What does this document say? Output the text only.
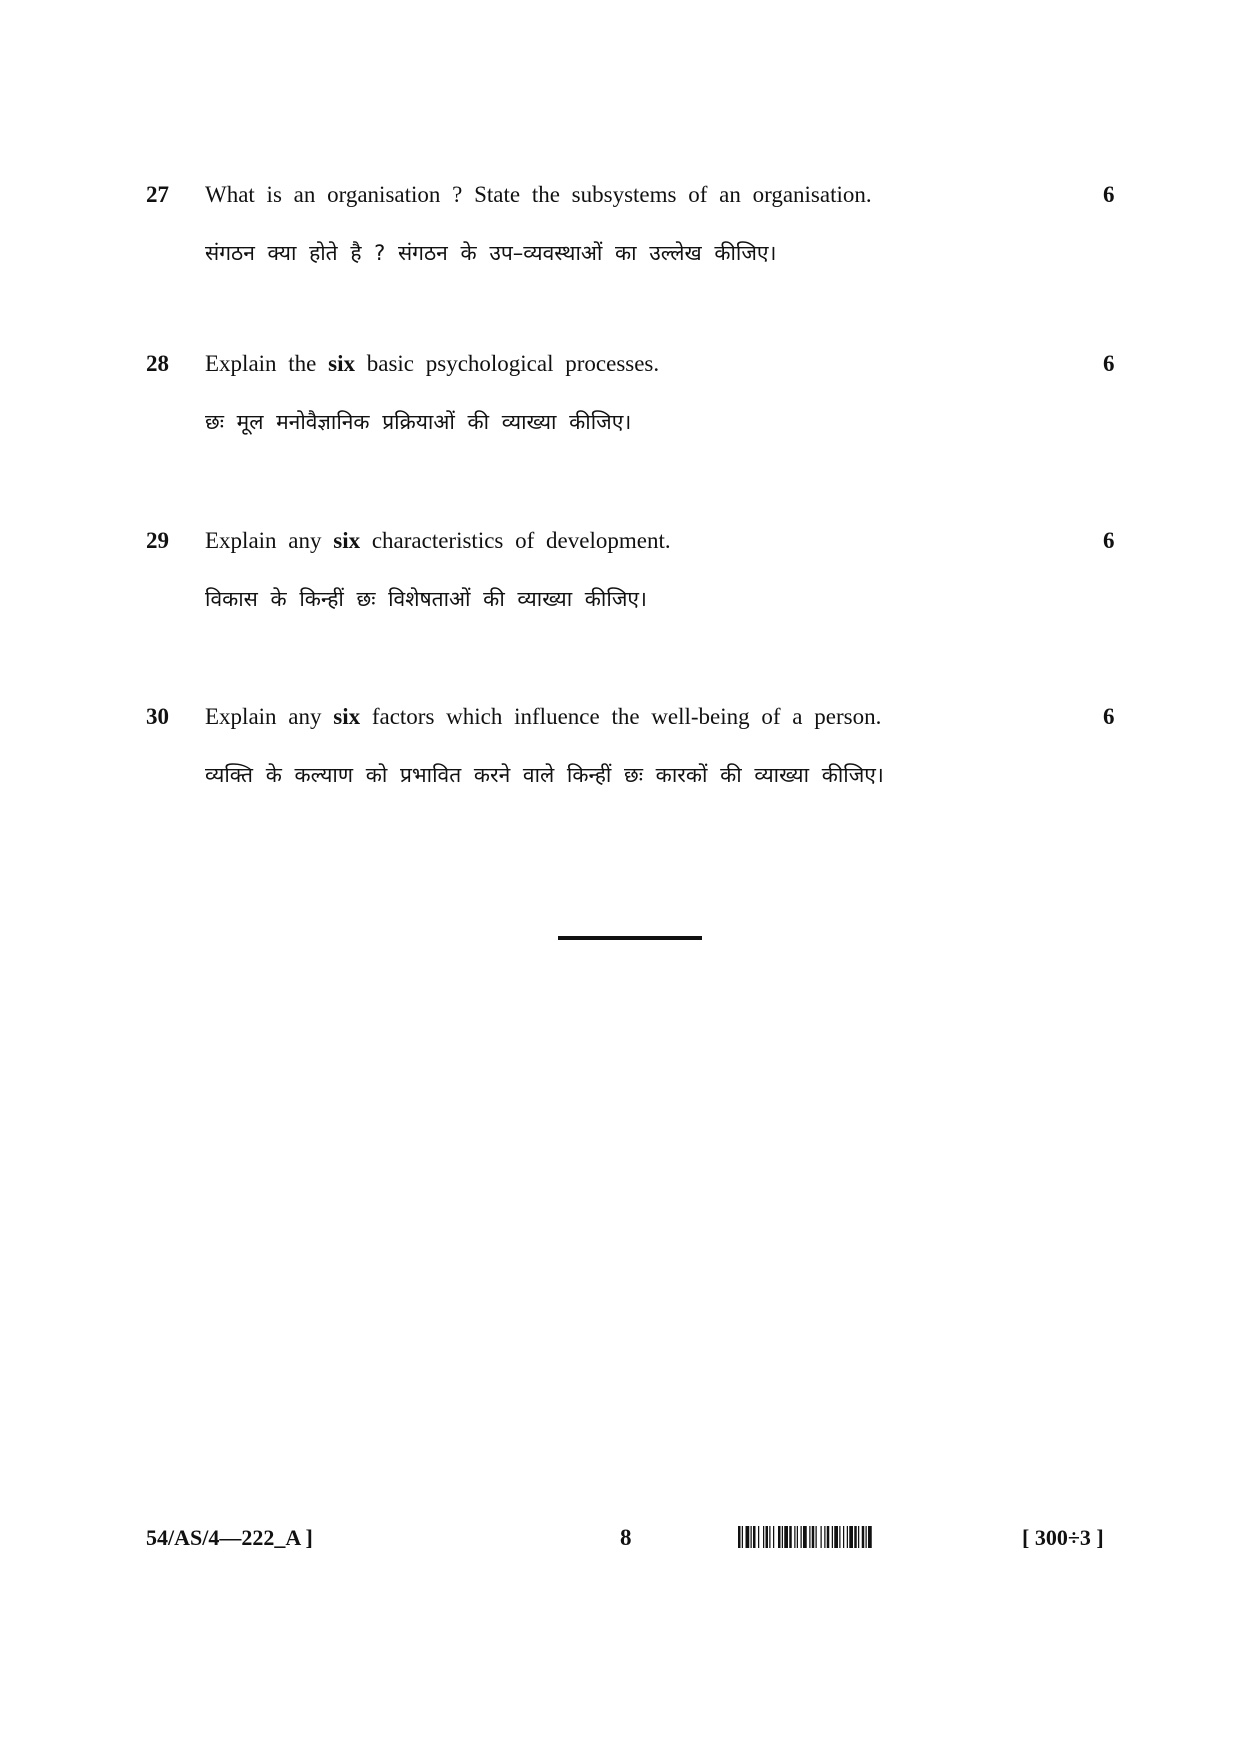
27 What is an organisation ? State the subsystems of an organisation.
संगठन क्या होते है ? संगठन के उप–व्यवस्थाओं का उल्लेख कीजिए।
6
28 Explain the six basic psychological processes.
छः मूल मनोवैज्ञानिक प्रक्रियाओं की व्याख्या कीजिए।
6
29 Explain any six characteristics of development.
विकास के किन्हीं छः विशेषताओं की व्याख्या कीजिए।
6
30 Explain any six factors which influence the well-being of a person.
व्यक्ति के कल्याण को प्रभावित करने वाले किन्हीं छः कारकों की व्याख्या कीजिए।
6
54/AS/4—222_A ]	8	[ 300÷3 ]
